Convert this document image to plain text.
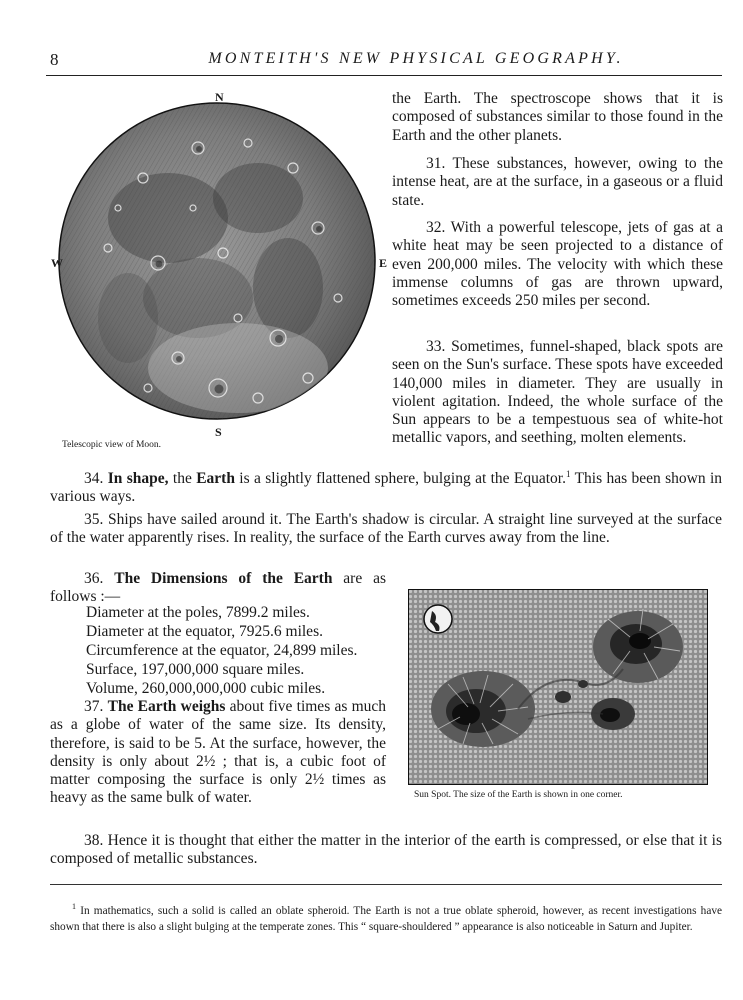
8	MONTEITH'S NEW PHYSICAL GEOGRAPHY.
N
S
E
W
Telescopic view of Moon.

the Earth. The spectroscope shows that it is composed of substances similar to those found in the Earth and the other planets.

31. These substances, however, owing to the intense heat, are at the surface, in a gaseous or a fluid state.

32. With a powerful telescope, jets of gas at a white heat may be seen projected to a distance of even 200,000 miles. The velocity with which these immense columns of gas are thrown upward, sometimes exceeds 250 miles per second.

33. Sometimes, funnel-shaped, black spots are seen on the Sun's surface. These spots have exceeded 140,000 miles in diameter. They are usually in violent agitation. Indeed, the whole surface of the Sun appears to be a tempestuous sea of white-hot metallic vapors, and seething, molten elements.

34. In shape, the Earth is a slightly flattened sphere, bulging at the Equator.$^1$ This has been shown in various ways.

35. Ships have sailed around it. The Earth's shadow is circular. A straight line surveyed at the surface of the water apparently rises. In reality, the surface of the Earth curves away from the line.

36. The Dimensions of the Earth are as follows :—

Diameter at the poles, 7899.2 miles.
Diameter at the equator, 7925.6 miles.
Circumference at the equator, 24,899 miles.
Surface, 197,000,000 square miles.
Volume, 260,000,000,000 cubic miles.

37. The Earth weighs about five times as much as a globe of water of the same size. Its density, therefore, is said to be 5. At the surface, however, the density is only about 2½ ; that is, a cubic foot of matter composing the surface is only 2½ times as heavy as the same bulk of water.	Sun Spot. The size of the Earth is shown in one corner.

38. Hence it is thought that either the matter in the interior of the earth is compressed, or else that it is composed of metallic substances.

$^1$ In mathematics, such a solid is called an oblate spheroid. The Earth is not a true oblate spheroid, however, as recent investigations have shown that there is also a slight bulging at the temperate zones. This “ square-shouldered ” appearance is also noticeable in Saturn and Jupiter.
